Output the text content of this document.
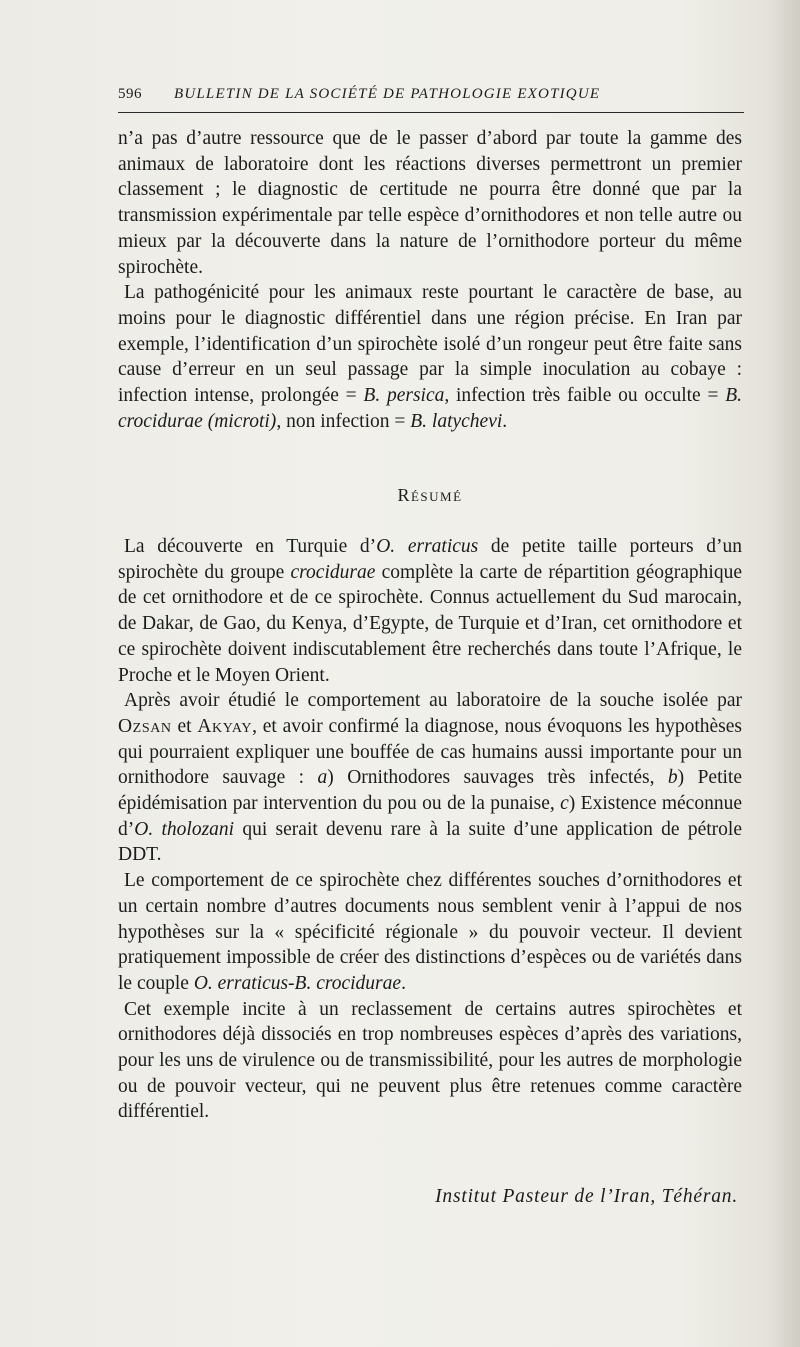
596 BULLETIN DE LA SOCIÉTÉ DE PATHOLOGIE EXOTIQUE

n’a pas d’autre ressource que de le passer d’abord par toute la gamme des animaux de laboratoire dont les réactions diverses permettront un premier classement ; le diagnostic de certitude ne pourra être donné que par la transmission expérimentale par telle espèce d’ornithodores et non telle autre ou mieux par la découverte dans la nature de l’ornithodore porteur du même spirochète.

La pathogénicité pour les animaux reste pourtant le caractère de base, au moins pour le diagnostic différentiel dans une région précise. En Iran par exemple, l’identification d’un spirochète isolé d’un rongeur peut être faite sans cause d’erreur en un seul passage par la simple inoculation au cobaye : infection intense, prolongée = B. persica, infection très faible ou occulte = B. crocidurae (microti), non infection = B. latychevi.

Résumé

La découverte en Turquie d’O. erraticus de petite taille porteurs d’un spirochète du groupe crocidurae complète la carte de répartition géographique de cet ornithodore et de ce spirochète. Connus actuellement du Sud marocain, de Dakar, de Gao, du Kenya, d’Egypte, de Turquie et d’Iran, cet ornithodore et ce spirochète doivent indiscutablement être recherchés dans toute l’Afrique, le Proche et le Moyen Orient.

Après avoir étudié le comportement au laboratoire de la souche isolée par Ozsan et Akyay, et avoir confirmé la diagnose, nous évoquons les hypothèses qui pourraient expliquer une bouffée de cas humains aussi importante pour un ornithodore sauvage : a) Ornithodores sauvages très infectés, b) Petite épidémisation par intervention du pou ou de la punaise, c) Existence méconnue d’O. tholozani qui serait devenu rare à la suite d’une application de pétrole DDT.

Le comportement de ce spirochète chez différentes souches d’ornithodores et un certain nombre d’autres documents nous semblent venir à l’appui de nos hypothèses sur la « spécificité régionale » du pouvoir vecteur. Il devient pratiquement impossible de créer des distinctions d’espèces ou de variétés dans le couple O. erraticus-B. crocidurae.

Cet exemple incite à un reclassement de certains autres spirochètes et ornithodores déjà dissociés en trop nombreuses espèces d’après des variations, pour les uns de virulence ou de transmissibilité, pour les autres de morphologie ou de pouvoir vecteur, qui ne peuvent plus être retenues comme caractère différentiel.

Institut Pasteur de l’Iran, Téhéran.
